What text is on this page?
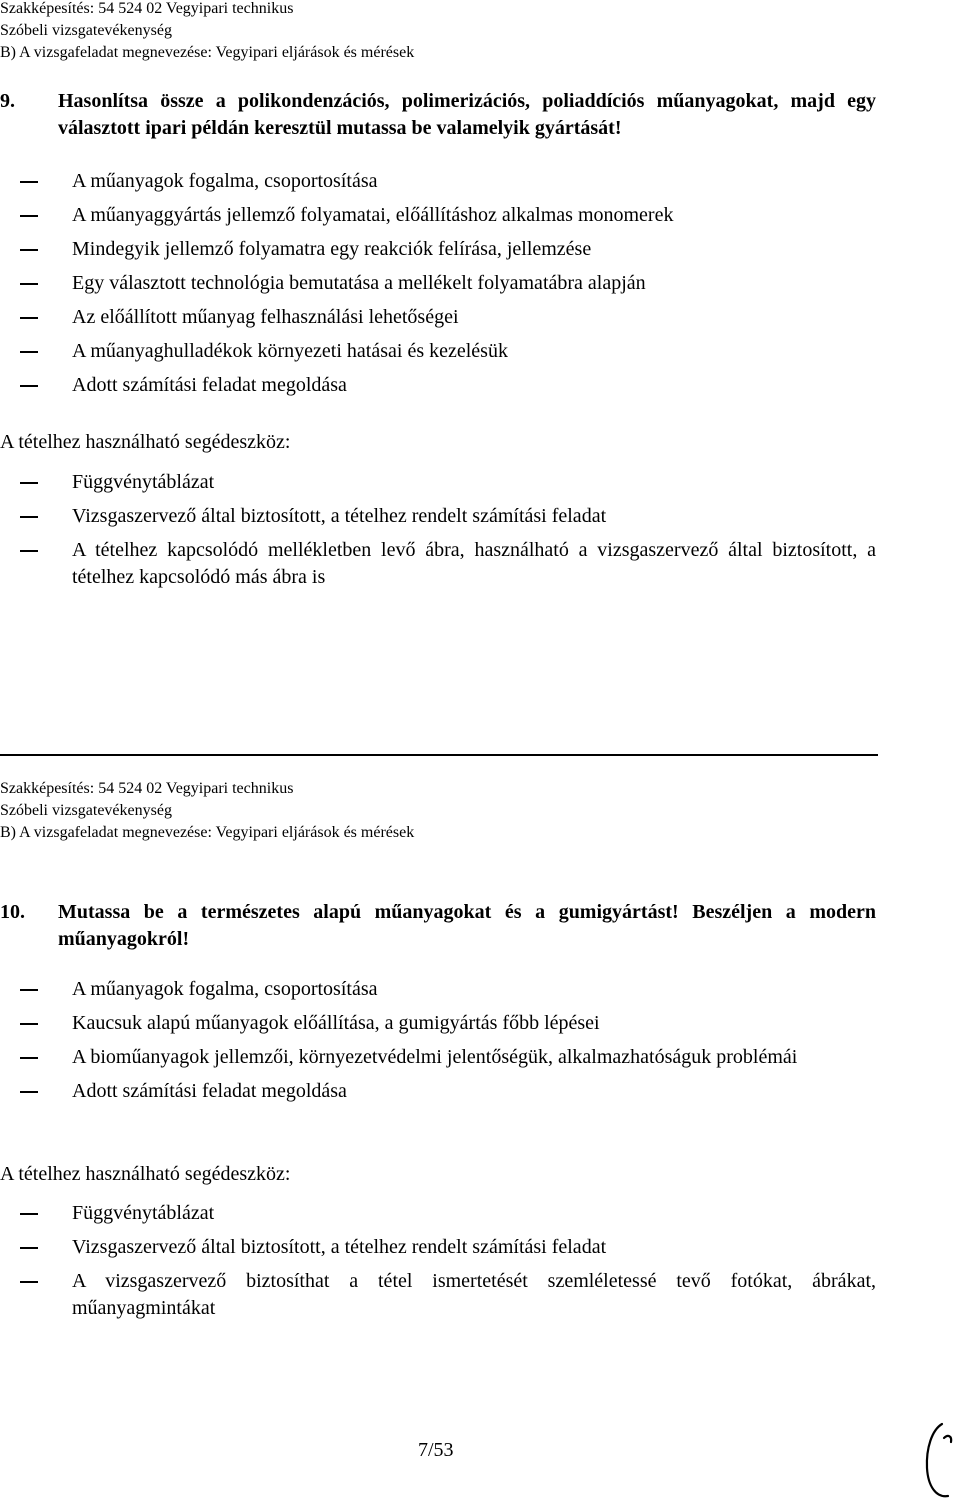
Szakképesítés: 54 524 02 Vegyipari technikus
Szóbeli vizsgatevékenység
B) A vizsgafeladat megnevezése: Vegyipari eljárások és mérések
9. Hasonlítsa össze a polikondenzációs, polimerizációs, poliaddíciós műanyagokat, majd egy választott ipari példán keresztül mutassa be valamelyik gyártását!
A műanyagok fogalma, csoportosítása
A műanyaggyártás jellemző folyamatai, előállításhoz alkalmas monomerek
Mindegyik jellemző folyamatra egy reakciók felírása, jellemzése
Egy választott technológia bemutatása a mellékelt folyamatábra alapján
Az előállított műanyag felhasználási lehetőségei
A műanyaghulladékok környezeti hatásai és kezelésük
Adott számítási feladat megoldása
A tételhez használható segédeszköz:
Függvénytáblázat
Vizsgaszervező által biztosított, a tételhez rendelt számítási feladat
A tételhez kapcsolódó mellékletben levő ábra, használható a vizsgaszervező által biztosított, a tételhez kapcsolódó más ábra is
Szakképesítés: 54 524 02 Vegyipari technikus
Szóbeli vizsgatevékenység
B) A vizsgafeladat megnevezése: Vegyipari eljárások és mérések
10. Mutassa be a természetes alapú műanyagokat és a gumigyártást! Beszéljen a modern műanyagokról!
A műanyagok fogalma, csoportosítása
Kaucsuk alapú műanyagok előállítása, a gumigyártás főbb lépései
A bioműanyagok jellemzői, környezetvédelmi jelentőségük, alkalmazhatóságuk problémái
Adott számítási feladat megoldása
A tételhez használható segédeszköz:
Függvénytáblázat
Vizsgaszervező által biztosított, a tételhez rendelt számítási feladat
A vizsgaszervező biztosíthat a tétel ismertetését szemléletessé tevő fotókat, ábrákat, műanyagmintákat
7/53
